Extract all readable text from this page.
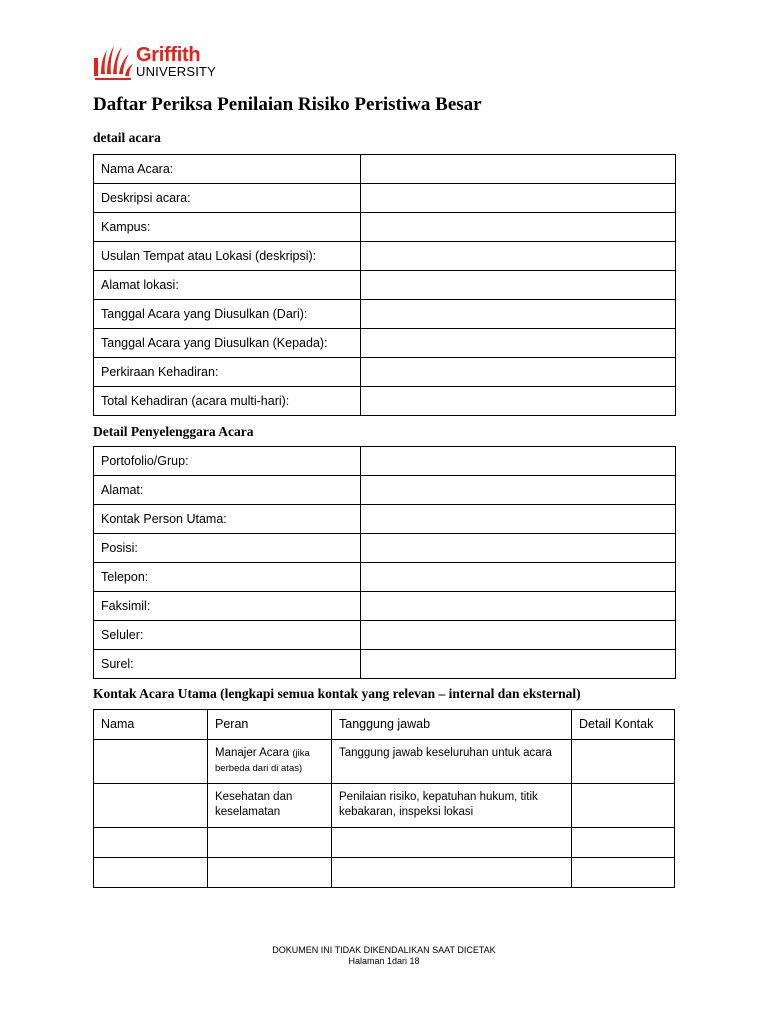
Griffith
UNIVERSITY
Daftar Periksa Penilaian Risiko Peristiwa Besar
detail acara
Nama Acara:	
Deskripsi acara:	
Kampus:	
Usulan Tempat atau Lokasi (deskripsi):	
Alamat lokasi:	
Tanggal Acara yang Diusulkan (Dari):	
Tanggal Acara yang Diusulkan (Kepada):	
Perkiraan Kehadiran:	
Total Kehadiran (acara multi-hari):	
Detail Penyelenggara Acara
Portofolio/Grup:	
Alamat:	
Kontak Person Utama:	
Posisi:	
Telepon:	
Faksimil:	
Seluler:	
Surel:	
Kontak Acara Utama (lengkapi semua kontak yang relevan – internal dan eksternal)
Nama	Peran	Tanggung jawab	Detail Kontak
	Manajer Acara (jika berbeda dari di atas)	Tanggung jawab keseluruhan untuk acara	
	Kesehatan dan keselamatan	Penilaian risiko, kepatuhan hukum, titik kebakaran, inspeksi lokasi	

DOKUMEN INI TIDAK DIKENDALIKAN SAAT DICETAK
Halaman 1dari 18
